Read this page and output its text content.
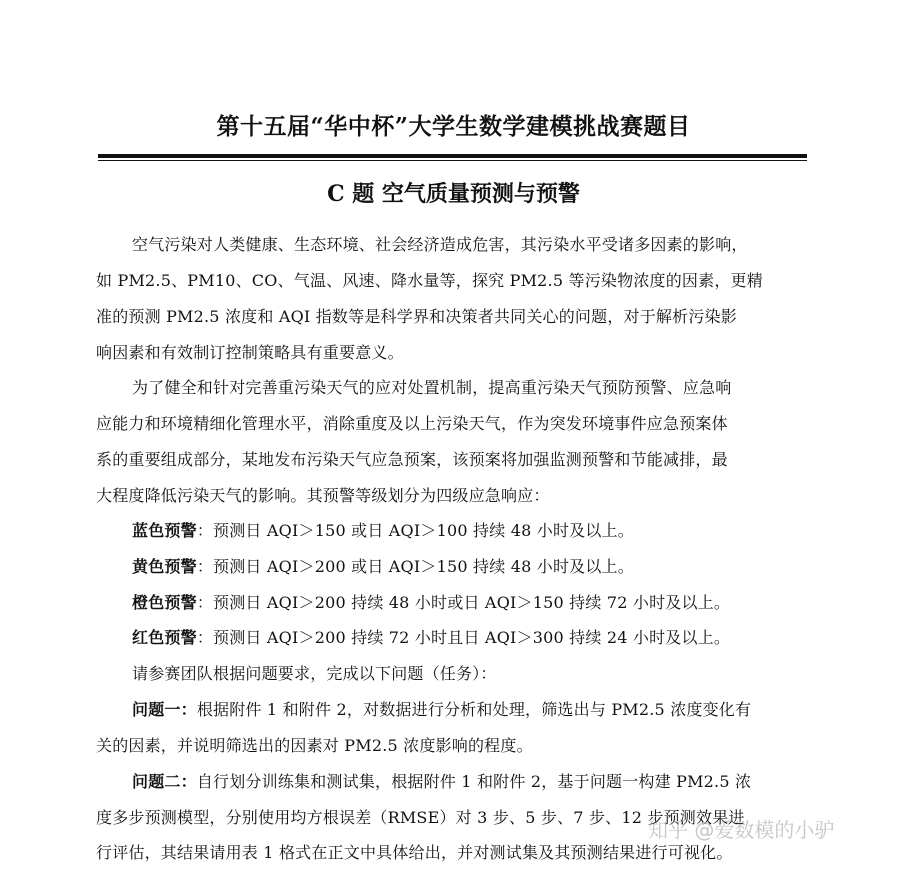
第十五届“华中杯”大学生数学建模挑战赛题目
C 题 空气质量预测与预警
空气污染对人类健康、生态环境、社会经济造成危害，其污染水平受诸多因素的影响，
如 PM2.5、PM10、CO、气温、风速、降水量等，探究 PM2.5 等污染物浓度的因素，更精
准的预测 PM2.5 浓度和 AQI 指数等是科学界和决策者共同关心的问题，对于解析污染影
响因素和有效制订控制策略具有重要意义。
为了健全和针对完善重污染天气的应对处置机制，提高重污染天气预防预警、应急响
应能力和环境精细化管理水平，消除重度及以上污染天气，作为突发环境事件应急预案体
系的重要组成部分，某地发布污染天气应急预案，该预案将加强监测预警和节能减排，最
大程度降低污染天气的影响。其预警等级划分为四级应急响应：
蓝色预警：预测日 AQI＞150 或日 AQI＞100 持续 48 小时及以上。
黄色预警：预测日 AQI＞200 或日 AQI＞150 持续 48 小时及以上。
橙色预警：预测日 AQI＞200 持续 48 小时或日 AQI＞150 持续 72 小时及以上。
红色预警：预测日 AQI＞200 持续 72 小时且日 AQI＞300 持续 24 小时及以上。
请参赛团队根据问题要求，完成以下问题（任务）：
问题一：根据附件 1 和附件 2，对数据进行分析和处理，筛选出与 PM2.5 浓度变化有
关的因素，并说明筛选出的因素对 PM2.5 浓度影响的程度。
问题二：自行划分训练集和测试集，根据附件 1 和附件 2，基于问题一构建 PM2.5 浓
度多步预测模型，分别使用均方根误差（RMSE）对 3 步、5 步、7 步、12 步预测效果进
行评估，其结果请用表 1 格式在正文中具体给出，并对测试集及其预测结果进行可视化。
知乎 @爱数模的小驴
